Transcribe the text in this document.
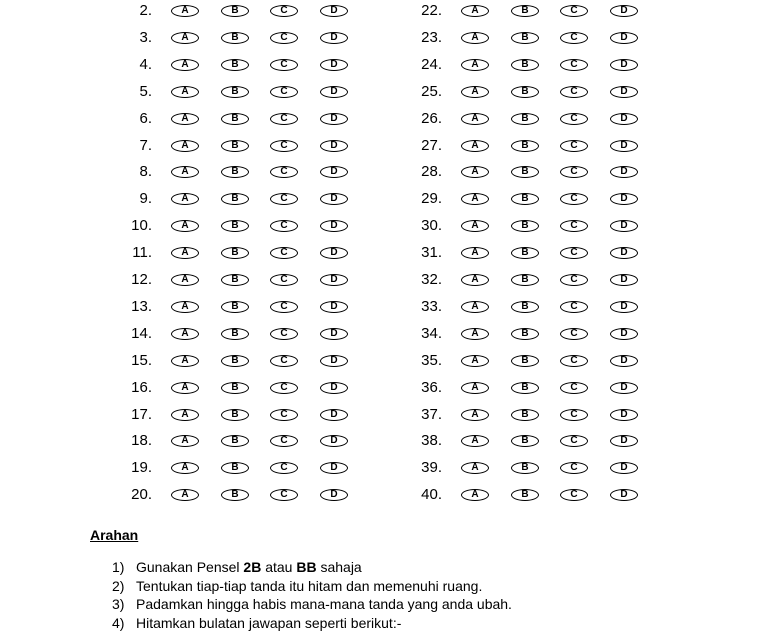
2.	A	B	C	D
3.	A	B	C	D
4.	A	B	C	D
5.	A	B	C	D
6.	A	B	C	D
7.	A	B	C	D
8.	A	B	C	D
9.	A	B	C	D
10.	A	B	C	D
11.	A	B	C	D
12.	A	B	C	D
13.	A	B	C	D
14.	A	B	C	D
15.	A	B	C	D
16.	A	B	C	D
17.	A	B	C	D
18.	A	B	C	D
19.	A	B	C	D
20.	A	B	C	D
22.	A	B	C	D
23.	A	B	C	D
24.	A	B	C	D
25.	A	B	C	D
26.	A	B	C	D
27.	A	B	C	D
28.	A	B	C	D
29.	A	B	C	D
30.	A	B	C	D
31.	A	B	C	D
32.	A	B	C	D
33.	A	B	C	D
34.	A	B	C	D
35.	A	B	C	D
36.	A	B	C	D
37.	A	B	C	D
38.	A	B	C	D
39.	A	B	C	D
40.	A	B	C	D
Arahan
1) Gunakan Pensel 2B atau BB sahaja
2) Tentukan tiap-tiap tanda itu hitam dan memenuhi ruang.
3) Padamkan hingga habis mana-mana tanda yang anda ubah.
4) Hitamkan bulatan jawapan seperti berikut:-
